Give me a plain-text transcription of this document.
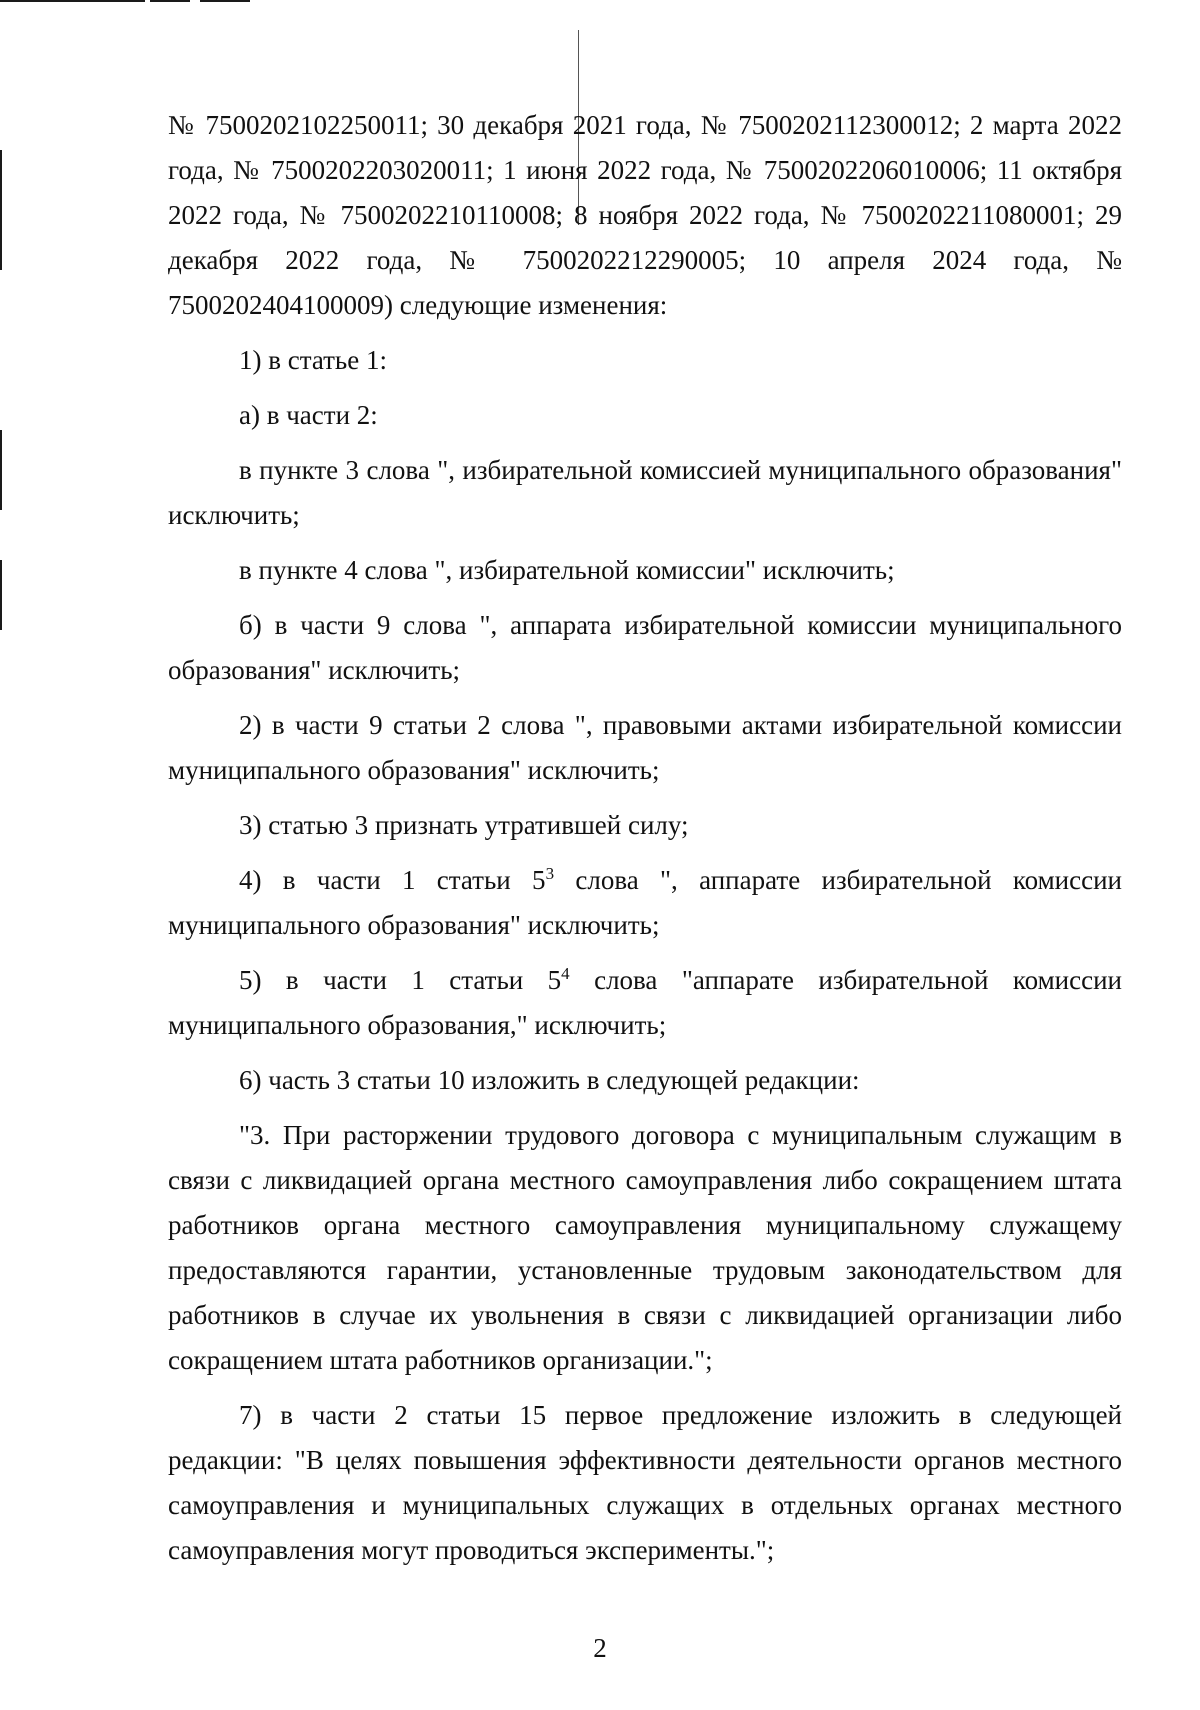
№ 7500202102250011; 30 декабря 2021 года, № 7500202112300012; 2 марта 2022 года, № 7500202203020011; 1 июня 2022 года, № 7500202206010006; 11 октября 2022 года, № 7500202210110008; 8 ноября 2022 года, № 7500202211080001; 29 декабря 2022 года, № 7500202212290005; 10 апреля 2024 года, № 7500202404100009) следующие изменения:

1) в статье 1:

а) в части 2:

в пункте 3 слова ", избирательной комиссией муниципального образования" исключить;

в пункте 4 слова ", избирательной комиссии" исключить;

б) в части 9 слова ", аппарата избирательной комиссии муниципального образования" исключить;

2) в части 9 статьи 2 слова ", правовыми актами избирательной комиссии муниципального образования" исключить;

3) статью 3 признать утратившей силу;

4) в части 1 статьи $5^3$ слова ", аппарате избирательной комиссии муниципального образования" исключить;

5) в части 1 статьи $5^4$ слова "аппарате избирательной комиссии муниципального образования," исключить;

6) часть 3 статьи 10 изложить в следующей редакции:

"3. При расторжении трудового договора с муниципальным служащим в связи с ликвидацией органа местного самоуправления либо сокращением штата работников органа местного самоуправления муниципальному служащему предоставляются гарантии, установленные трудовым законодательством для работников в случае их увольнения в связи с ликвидацией организации либо сокращением штата работников организации.";

7) в части 2 статьи 15 первое предложение изложить в следующей редакции: "В целях повышения эффективности деятельности органов местного самоуправления и муниципальных служащих в отдельных органах местного самоуправления могут проводиться эксперименты.";

2
